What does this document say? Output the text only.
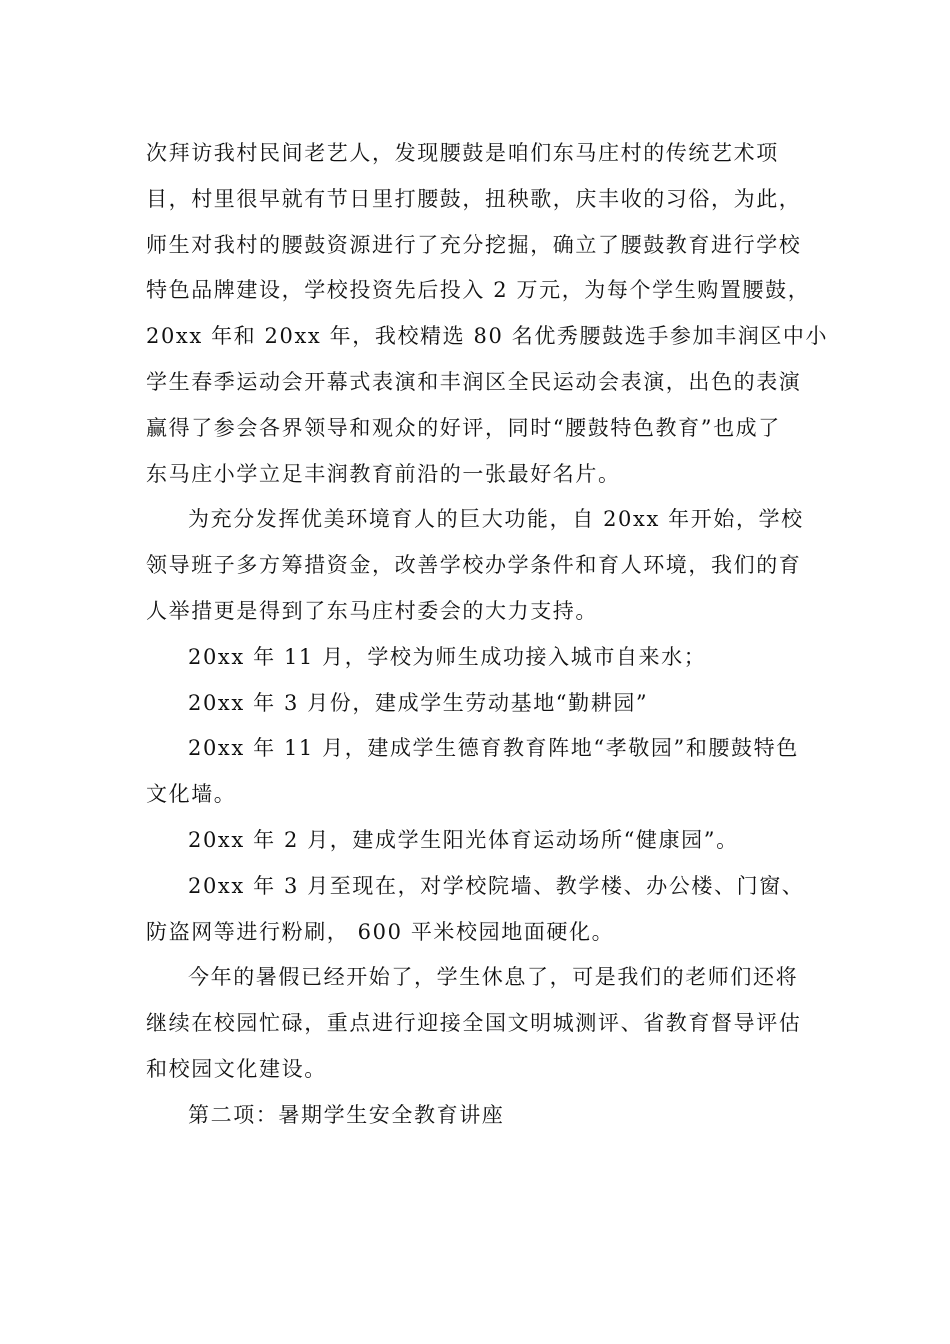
次拜访我村民间老艺人，发现腰鼓是咱们东马庄村的传统艺术项
目，村里很早就有节日里打腰鼓，扭秧歌，庆丰收的习俗，为此，
师生对我村的腰鼓资源进行了充分挖掘，确立了腰鼓教育进行学校
特色品牌建设，学校投资先后投入 2 万元，为每个学生购置腰鼓，
20xx 年和 20xx 年，我校精选 80 名优秀腰鼓选手参加丰润区中小
学生春季运动会开幕式表演和丰润区全民运动会表演，出色的表演
赢得了参会各界领导和观众的好评，同时“腰鼓特色教育”也成了
东马庄小学立足丰润教育前沿的一张最好名片。
为充分发挥优美环境育人的巨大功能，自 20xx 年开始，学校
领导班子多方筹措资金，改善学校办学条件和育人环境，我们的育
人举措更是得到了东马庄村委会的大力支持。
20xx 年 11 月，学校为师生成功接入城市自来水；
20xx 年 3 月份，建成学生劳动基地“勤耕园”
20xx 年 11 月，建成学生德育教育阵地“孝敬园”和腰鼓特色
文化墙。
20xx 年 2 月，建成学生阳光体育运动场所“健康园”。
20xx 年 3 月至现在，对学校院墙、教学楼、办公楼、门窗、
防盗网等进行粉刷， 600 平米校园地面硬化。
今年的暑假已经开始了，学生休息了，可是我们的老师们还将
继续在校园忙碌，重点进行迎接全国文明城测评、省教育督导评估
和校园文化建设。
第二项：暑期学生安全教育讲座
